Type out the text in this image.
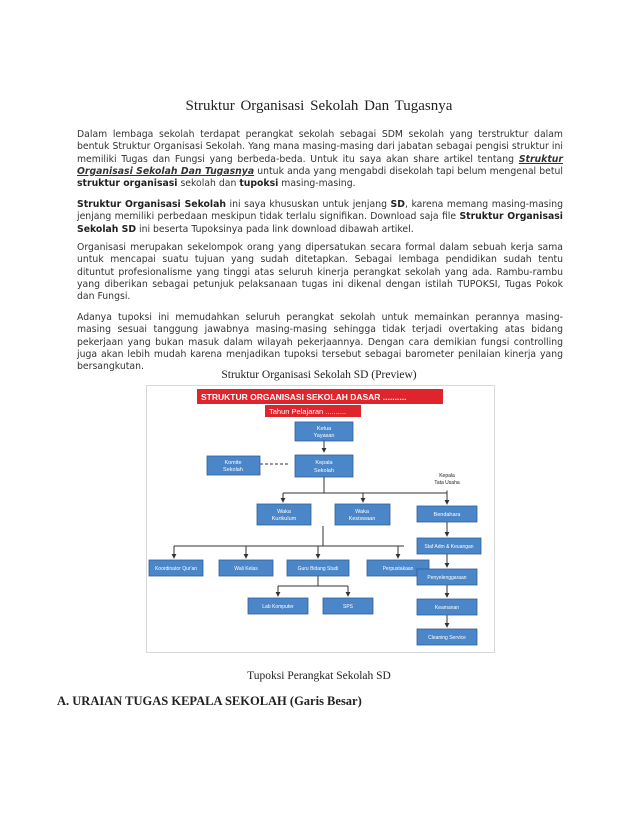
Struktur Organisasi Sekolah Dan Tugasnya

Dalam lembaga sekolah terdapat perangkat sekolah sebagai SDM sekolah yang terstruktur dalam bentuk Struktur Organisasi Sekolah. Yang mana masing-masing dari jabatan sebagai pengisi struktur ini memiliki Tugas dan Fungsi yang berbeda-beda. Untuk itu saya akan share artikel tentang Struktur Organisasi Sekolah Dan Tugasnya untuk anda yang mengabdi disekolah tapi belum mengenal betul struktur organisasi sekolah dan tupoksi masing-masing.

Struktur Organisasi Sekolah ini saya khususkan untuk jenjang SD, karena memang masing-masing jenjang memiliki perbedaan meskipun tidak terlalu signifikan. Download saja file Struktur Organisasi Sekolah SD ini beserta Tupoksinya pada link download dibawah artikel.

Organisasi merupakan sekelompok orang yang dipersatukan secara formal dalam sebuah kerja sama untuk mencapai suatu tujuan yang sudah ditetapkan. Sebagai lembaga pendidikan sudah tentu dituntut profesionalisme yang tinggi atas seluruh kinerja perangkat sekolah yang ada. Rambu-rambu yang diberikan sebagai petunjuk pelaksanaan tugas ini dikenal dengan istilah TUPOKSI, Tugas Pokok dan Fungsi.

Adanya tupoksi ini memudahkan seluruh perangkat sekolah untuk memainkan perannya masing-masing sesuai tanggung jawabnya masing-masing sehingga tidak terjadi overtaking atas bidang pekerjaan yang bukan masuk dalam wilayah pekerjaannya. Dengan cara demikian fungsi controlling juga akan lebih mudah karena menjadikan tupoksi tersebut sebagai barometer penilaian kinerja yang bersangkutan.

Struktur Organisasi Sekolah SD (Preview)
STRUKTUR ORGANISASI SEKOLAH DASAR ..........
Tahun Pelajaran ..........
Ketua
Yayasan
Komite
Sekolah
Kepala
Sekolah
Kepala
Tata Usaha
Waka
Kurikulum
Waka
Kesiswaan
Bendahara
Staf Adm & Keuangan
Koordinator Qur'an	Wali Kelas	Guru Bidang Studi	Perpustakaan
Penyelenggaraan
Lab Komputer	SPS	Keamanan
Cleaning Service
Tupoksi Perangkat Sekolah SD
A. URAIAN TUGAS KEPALA SEKOLAH (Garis Besar)
